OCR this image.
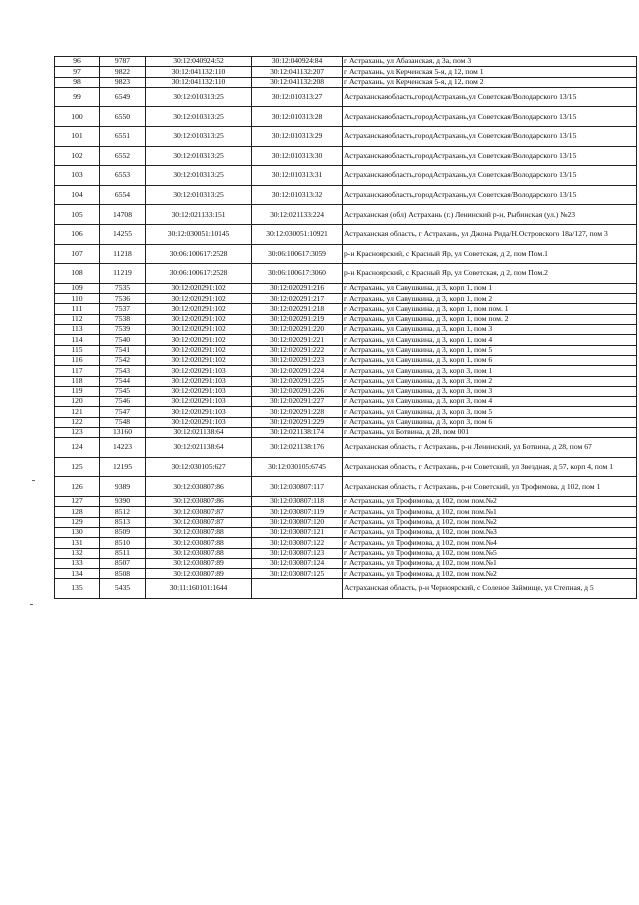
96	9787	30:12:040924:52	30:12:040924:84	г Астрахань, ул Абазанская, д 3а, пом 3
97	9822	30:12:041132:110	30:12:041132:207	г Астрахань, ул Керченская 5-я, д 12, пом 1
98	9823	30:12:041132:110	30:12:041132:208	г Астрахань, ул Керченская 5-я, д 12, пом 2
99	6549	30:12:010313:25	30:12:010313:27	Астраханскаяобласть,городАстрахань,ул Советская/Володарского 13/15
100	6550	30:12:010313:25	30:12:010313:28	Астраханскаяобласть,городАстрахань,ул Советская/Володарского 13/15
101	6551	30:12:010313:25	30:12:010313:29	Астраханскаяобласть,городАстрахань,ул Советская/Володарского 13/15
102	6552	30:12:010313:25	30:12:010313:30	Астраханскаяобласть,городАстрахань,ул Советская/Володарского 13/15
103	6553	30:12:010313:25	30:12:010313:31	Астраханскаяобласть,городАстрахань,ул Советская/Володарского 13/15
104	6554	30:12:010313:25	30:12:010313:32	Астраханскаяобласть,городАстрахань,ул Советская/Володарского 13/15
105	14708	30:12:021133:151	30:12:021133:224	Астраханская (обл) Астрахань (г.) Ленинский р-н, Рыбинская (ул.) №23
106	14255	30:12:030051:10145	30:12:030051:10921	Астраханская область, г Астрахань, ул Джона Рида/Н.Островского 18а/127, пом 3
107	11218	30:06:100617:2528	30:06:100617:3059	р-н Красноярский, с Красный Яр, ул Советская, д 2, пом Пом.1
108	11219	30:06:100617:2528	30:06:100617:3060	р-н Красноярский, с Красный Яр, ул Советская, д 2, пом Пом.2
109	7535	30:12:020291:102	30:12:020291:216	г Астрахань, ул Савушкина, д 3, корп 1, пом 1
110	7536	30:12:020291:102	30:12:020291:217	г Астрахань, ул Савушкина, д 3, корп 1, пом 2
111	7537	30:12:020291:102	30:12:020291:218	г Астрахань, ул Савушкина, д 3, корп 1, пом пом. 1
112	7538	30:12:020291:102	30:12:020291:219	г Астрахань, ул Савушкина, д 3, корп 1, пом пом. 2
113	7539	30:12:020291:102	30:12:020291:220	г Астрахань, ул Савушкина, д 3, корп 1, пом 3
114	7540	30:12:020291:102	30:12:020291:221	г Астрахань, ул Савушкина, д 3, корп 1, пом 4
115	7541	30:12:020291:102	30:12:020291:222	г Астрахань, ул Савушкина, д 3, корп 1, пом 5
116	7542	30:12:020291:102	30:12:020291:223	г Астрахань, ул Савушкина, д 3, корп 1, пом 6
117	7543	30:12:020291:103	30:12:020291:224	г Астрахань, ул Савушкина, д 3, корп 3, пом 1
118	7544	30:12:020291:103	30:12:020291:225	г Астрахань, ул Савушкина, д 3, корп 3, пом 2
119	7545	30:12:020291:103	30:12:020291:226	г Астрахань, ул Савушкина, д 3, корп 3, пом 3
120	7546	30:12:020291:103	30:12:020291:227	г Астрахань, ул Савушкина, д 3, корп 3, пом 4
121	7547	30:12:020291:103	30:12:020291:228	г Астрахань, ул Савушкина, д 3, корп 3, пом 5
122	7548	30:12:020291:103	30:12:020291:229	г Астрахань, ул Савушкина, д 3, корп 3, пом 6
123	13160	30:12:021138:64	30:12:021138:174	г Астрахань, ул Ботвина, д 28, пом 001
124	14223	30:12:021138:64	30:12:021138:176	Астраханская область, г Астрахань, р-н Ленинский, ул Ботвина, д 28, пом 67
125	12195	30:12:030105:627	30:12:030105:6745	Астраханская область, г Астрахань, р-н Советский, ул Звездная, д 57, корп 4, пом 1
126	9389	30:12:030807:86	30:12:030807:117	Астраханская область, г Астрахань, р-н Советский, ул Трофимова, д 102, пом 1
127	9390	30:12:030807:86	30:12:030807:118	г Астрахань, ул Трофимова, д 102, пом пом.№2
128	8512	30:12:030807:87	30:12:030807:119	г Астрахань, ул Трофимова, д 102, пом пом.№1
129	8513	30:12:030807:87	30:12:030807:120	г Астрахань, ул Трофимова, д 102, пом пом.№2
130	8509	30:12:030807:88	30:12:030807:121	г Астрахань, ул Трофимова, д 102, пом пом.№3
131	8510	30:12:030807:88	30:12:030807:122	г Астрахань, ул Трофимова, д 102, пом пом.№4
132	8511	30:12:030807:88	30:12:030807:123	г Астрахань, ул Трофимова, д 102, пом пом.№5
133	8507	30:12:030807:89	30:12:030807:124	г Астрахань, ул Трофимова, д 102, пом пом.№1
134	8508	30:12:030807:89	30:12:030807:125	г Астрахань, ул Трофимова, д 102, пом пом.№2
135	5435	30:11:160101:1644		Астраханская область, р-н Черноярский, с Соленое Займище, ул Степная, д 5
